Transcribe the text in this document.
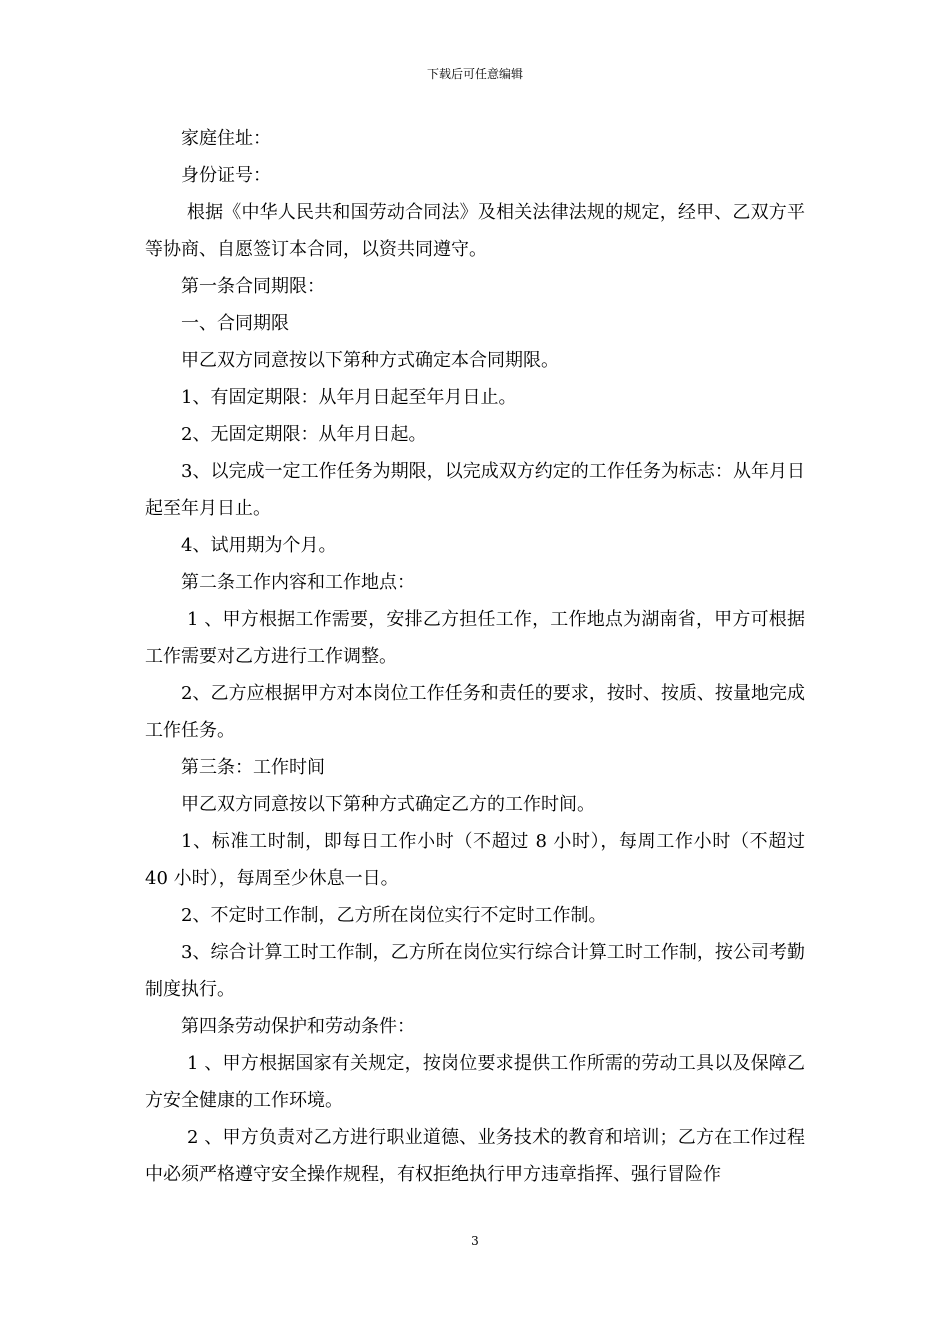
下载后可任意编辑

家庭住址：

身份证号：

根据《中华人民共和国劳动合同法》及相关法律法规的规定，经甲、乙双方平等协商、自愿签订本合同，以资共同遵守。

第一条合同期限：

一、合同期限

甲乙双方同意按以下第种方式确定本合同期限。

1、有固定期限：从年月日起至年月日止。

2、无固定期限：从年月日起。

3、以完成一定工作任务为期限，以完成双方约定的工作任务为标志：从年月日起至年月日止。

4、试用期为个月。

第二条工作内容和工作地点：

1 、甲方根据工作需要，安排乙方担任工作，工作地点为湖南省，甲方可根据工作需要对乙方进行工作调整。

2、乙方应根据甲方对本岗位工作任务和责任的要求，按时、按质、按量地完成工作任务。

第三条：工作时间

甲乙双方同意按以下第种方式确定乙方的工作时间。

1、标准工时制，即每日工作小时（不超过 8 小时），每周工作小时（不超过 40 小时），每周至少休息一日。

2、不定时工作制，乙方所在岗位实行不定时工作制。

3、综合计算工时工作制，乙方所在岗位实行综合计算工时工作制，按公司考勤制度执行。

第四条劳动保护和劳动条件：

1 、甲方根据国家有关规定，按岗位要求提供工作所需的劳动工具以及保障乙方安全健康的工作环境。

2 、甲方负责对乙方进行职业道德、业务技术的教育和培训；乙方在工作过程中必须严格遵守安全操作规程，有权拒绝执行甲方违章指挥、强行冒险作

3
